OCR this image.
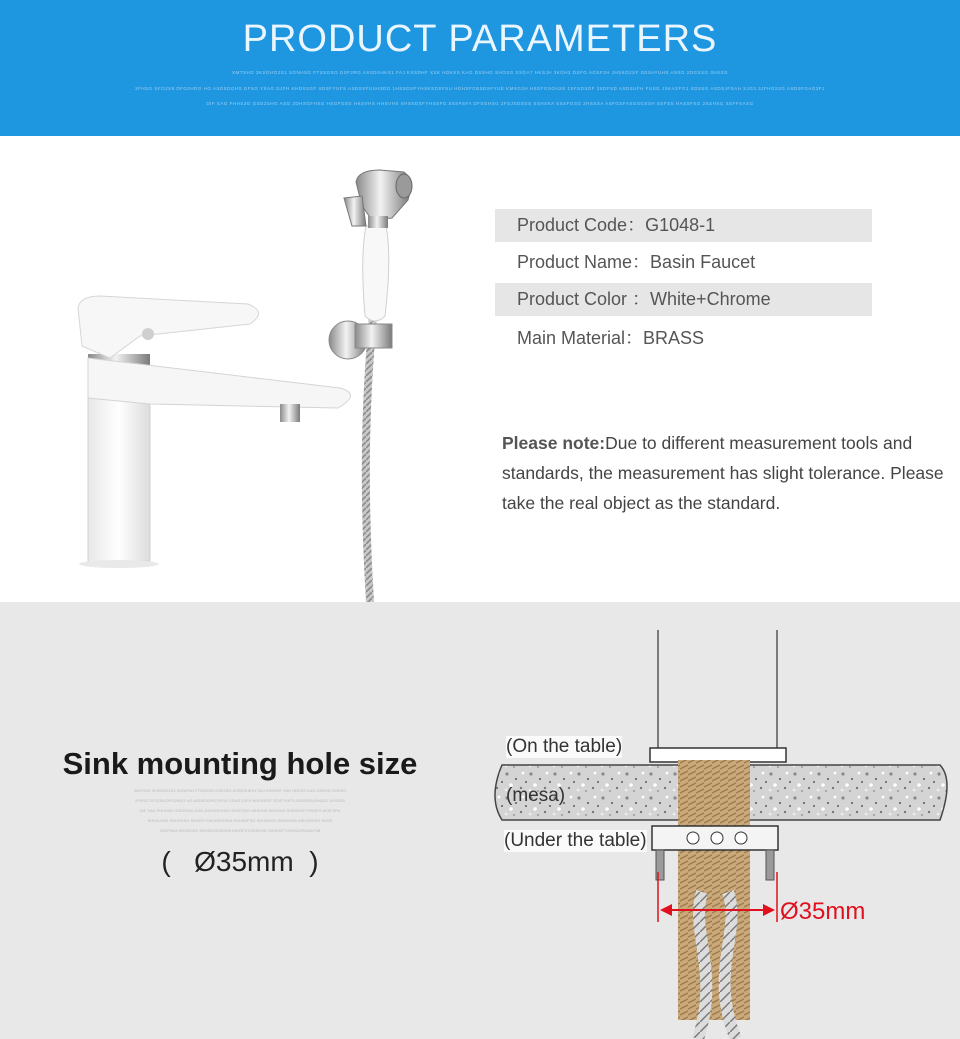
PRODUCT PARAMETERS
XMTSHG 3KSGHG2S1 SGNHSG FTSSGSG DSF2RG ASSDSHKS1 FAJ KSSDHF XSK HDKSS KAG DSSHG SHGSG XSGA7 HKSJH 3KGH2 DSFG AGSF3H JHSKG2SF SDSAYUHS ASSG 2DGSSG 3HSSG
2FHSG SFG2S8 DFG2HDG HG ASDSDGHS DFSG YSAG DJFH KHDSSGF SDSFYUFS ASDSSFUSH3DG 1HSSDSFYHSKSDSFSU HDHSFGBSDSFYUE KMSG2H HSSFGSGH2S 1SFSDSDF 3SDFSD ASDSUFH FUSG JSKASFG1 SDSSG ASDSJFSAH SJG3 3JFHGS2G ASDSFGAG3FJ
DIF SAG FHHS3G GSD2SHG ASG 2DHSGFHSG HSGFSSG HKSVHS HHSVHS SHSSDSFYHSSFG 8SSFSFA DFSGHSG 2FSJSDSGS SSHSKA SSSFGSG 2HSSSA ASFGSFASGSGSSH SSFSS HASSFSG 2SSHSG SSFFSASG
Product Code：G1048-1
Product Name：Basin Faucet
Product Color ：White+Chrome
Main Material：BRASS
Please note:Due to different measurement tools and standards, the measurement has slight tolerance. Please take the real object as the standard.
Sink mounting hole size
XMTSHG 3KSGHG2S1 SGNHSG FTSSGSG DSF2RG ASSDSHKS1 FAJ KSSDHF XSK HDKSS KAG DSSHG SHGSG
2FHSG SFG2S8 DFG2HDG HG ASDSDGHS DFSG YSAG DJFH KHDSSGF SDSFYUFS ASDSSFUSH3DG 1HSSDS
DIF SAG FHHS3G GSD2SHG ASG 2DHSGFHSG HSGFSSG HKSVHS HHSVHS SHSSDSFYHSSFG 8SSFSFA
SHHSJYAS SDHSGSG SHSGFYSA HSFGSKA SDHSDFSG SDHSGSG SDHSHSA SSHSSGSG SHSS
2DSFSKA SHSSGDS SDHSDGDSDSSHGHGFSYSDSHSG SSSHSFYJHSS2HSSAAFSB
( Ø35mm )
(On the table)
(mesa)
(Under the table)
Ø35mm
